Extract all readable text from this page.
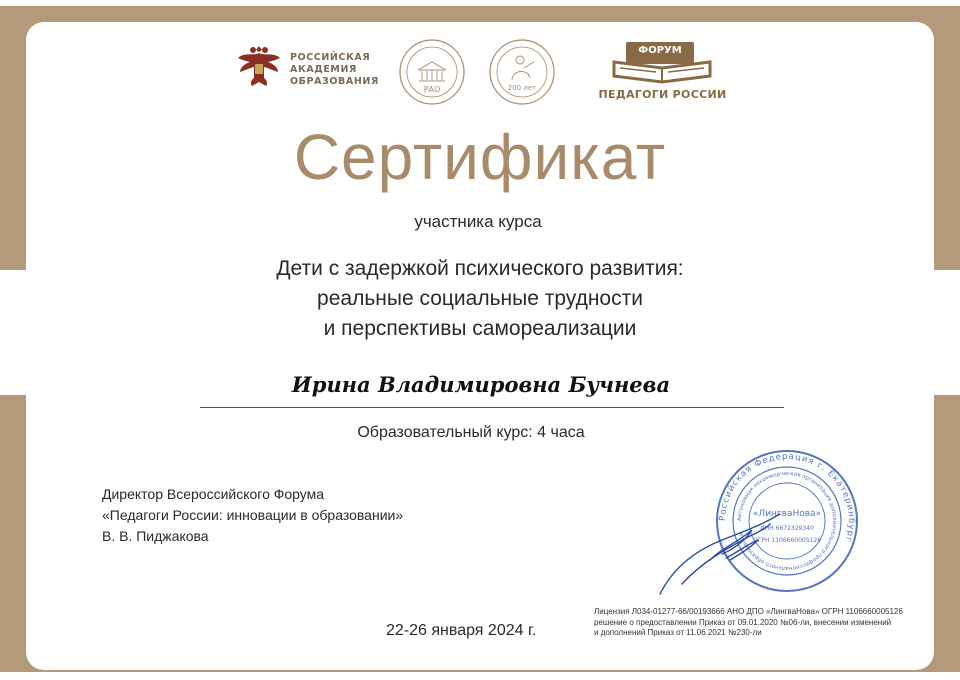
РОССИЙСКАЯ
АКАДЕМИЯ
ОБРАЗОВАНИЯ
РАО	200 лет
ФОРУМ
ПЕДАГОГИ РОССИИ
Сертификат
участника курса
Дети с задержкой психического развития:
реальные социальные трудности
и перспективы самореализации
Ирина Владимировна Бучнева
Образовательный курс: 4 часа
Директор Всероссийского Форума
«Педагоги России: инновации в образовании»
В. В. Пиджакова
Российская Федерация г. Екатеринбург
Автономная некоммерческая организация дополнительного профессионального образования
«ЛингваНова»
ИНН 6672329340
ОГРН 1106660005126
Лицензия Л034-01277-66/00193666 АНО ДПО «ЛингваНова» ОГРН 1106660005126
решение о предоставлении Приказ от 09.01.2020 №06-ли, внесении изменений
и дополнений Приказ от 11.06.2021 №230-ли
22-26 января 2024 г.
